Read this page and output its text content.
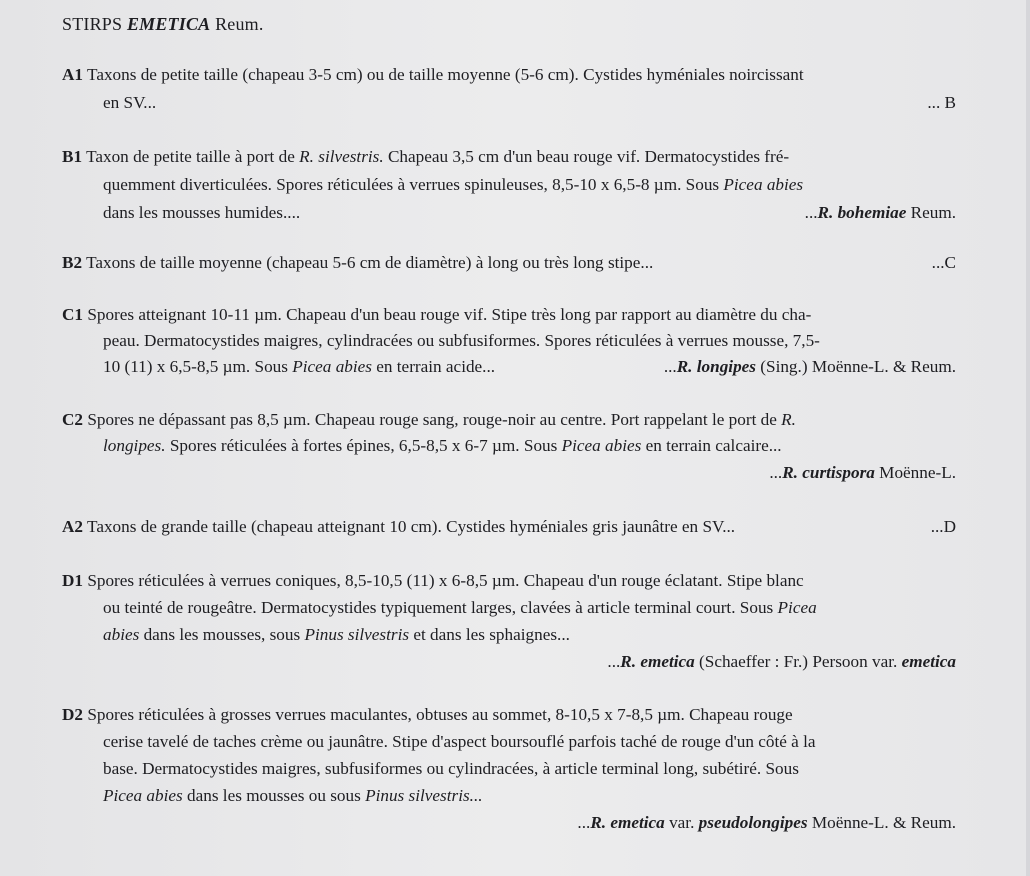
STIRPS EMETICA Reum.
A1 Taxons de petite taille (chapeau 3-5 cm) ou de taille moyenne (5-6 cm). Cystides hyméniales noircissant
en SV...	... B
B1 Taxon de petite taille à port de R. silvestris. Chapeau 3,5 cm d'un beau rouge vif. Dermatocystides fré-
quemment diverticulées. Spores réticulées à verrues spinuleuses, 8,5-10 x 6,5-8 µm. Sous Picea abies
dans les mousses humides....	...R. bohemiae Reum.
B2 Taxons de taille moyenne (chapeau 5-6 cm de diamètre) à long ou très long stipe...	...C
C1 Spores atteignant 10-11 µm. Chapeau d'un beau rouge vif. Stipe très long par rapport au diamètre du cha-
peau. Dermatocystides maigres, cylindracées ou subfusiformes. Spores réticulées à verrues mousse, 7,5-
10 (11) x 6,5-8,5 µm. Sous Picea abies en terrain acide...	...R. longipes (Sing.) Moënne-L. & Reum.
C2 Spores ne dépassant pas 8,5 µm. Chapeau rouge sang, rouge-noir au centre. Port rappelant le port de R.
longipes. Spores réticulées à fortes épines, 6,5-8,5 x 6-7 µm. Sous Picea abies en terrain calcaire...
...R. curtispora Moënne-L.
A2 Taxons de grande taille (chapeau atteignant 10 cm). Cystides hyméniales gris jaunâtre en SV...	...D
D1 Spores réticulées à verrues coniques, 8,5-10,5 (11) x 6-8,5 µm. Chapeau d'un rouge éclatant. Stipe blanc
ou teinté de rougeâtre. Dermatocystides typiquement larges, clavées à article terminal court. Sous Picea
abies dans les mousses, sous Pinus silvestris et dans les sphaignes...
...R. emetica (Schaeffer : Fr.) Persoon var. emetica
D2 Spores réticulées à grosses verrues maculantes, obtuses au sommet, 8-10,5 x 7-8,5 µm. Chapeau rouge
cerise tavelé de taches crème ou jaunâtre. Stipe d'aspect boursouflé parfois taché de rouge d'un côté à la
base. Dermatocystides maigres, subfusiformes ou cylindracées, à article terminal long, subétiré. Sous
Picea abies dans les mousses ou sous Pinus silvestris...
...R. emetica var. pseudolongipes Moënne-L. & Reum.
